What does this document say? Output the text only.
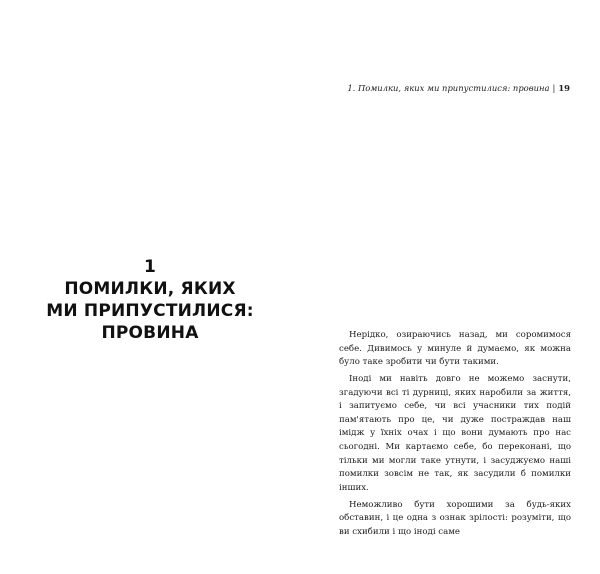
1
ПОМИЛКИ, ЯКИХ
МИ ПРИПУСТИЛИСЯ:
ПРОВИНА
1. Помилки, яких ми припустилися: провина | 19

Нерідко, озираючись назад, ми соромимося себе. Дивимось у минуле й думаємо, як можна було таке зробити чи бути такими.

Іноді ми навіть довго не можемо заснути, згадуючи всі ті дурниці, яких наробили за життя, і запитуємо себе, чи всі учасники тих подій пам'ятають про це, чи дуже постраждав наш імідж у їхніх очах і що вони думають про нас сьогодні. Ми картаємо себе, бо переконані, що тільки ми могли таке утнути, і засуджуємо наші помилки зовсім не так, як засудили б помилки інших.

Неможливо бути хорошими за будь-яких обставин, і це одна з ознак зрілості: розуміти, що ви схибили і що іноді саме
